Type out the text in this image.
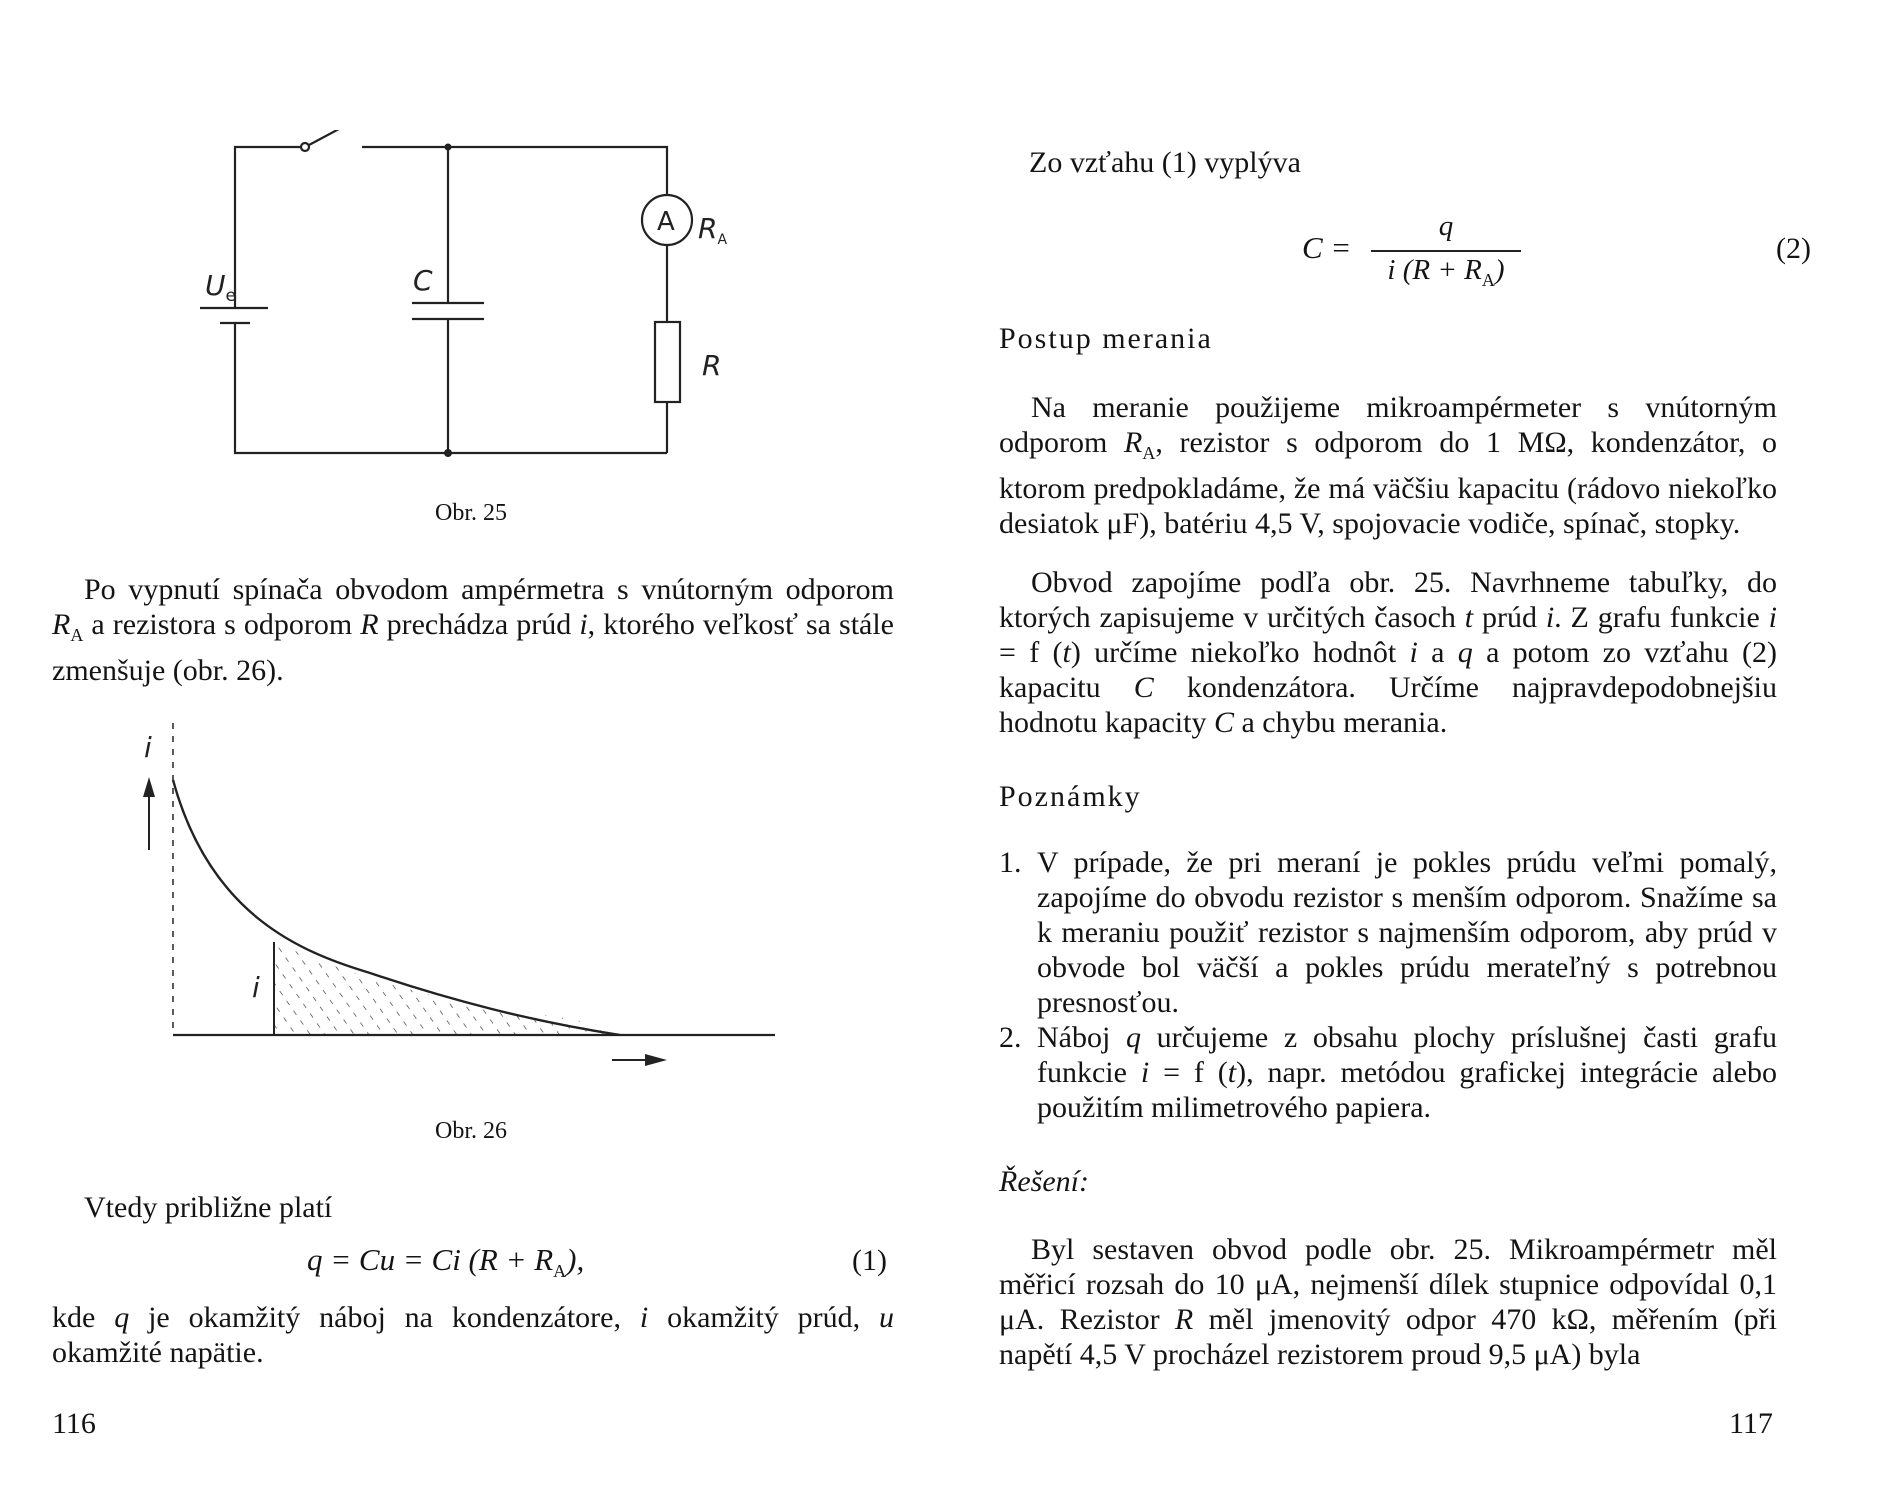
$U_e$	C
A $R_A$
R
Obr. 25

Po vypnutí spínača obvodom ampérmetra s vnútorným odporom $R_A$ a rezistora s odporom R prechádza prúd i, ktorého veľkosť sa stále zmenšuje (obr. 26).

i
i
Obr. 26

Vtedy približne platí

q = Cu = Ci $(R + R_A)$,	(1)

kde q je okamžitý náboj na kondenzátore, i okamžitý prúd, u okamžité napätie.

116

Zo vzťahu (1) vyplýva

C =
q
i $(R + R_A)$
(2)
Postup merania

Na meranie použijeme mikroampérmeter s vnútorným odporom $R_A$, rezistor s odporom do 1 MΩ, kondenzátor, o ktorom predpokladáme, že má väčšiu kapacitu (rádovo niekoľko desiatok μF), batériu 4,5 V, spojovacie vodiče, spínač, stopky.

Obvod zapojíme podľa obr. 25. Navrhneme tabuľky, do ktorých zapisujeme v určitých časoch t prúd i. Z grafu funkcie i = f (t) určíme niekoľko hodnôt i a q a potom zo vzťahu (2) kapacitu C kondenzátora. Určíme najpravdepodobnejšiu hodnotu kapacity C a chybu merania.

Poznámky
1. V prípade, že pri meraní je pokles prúdu veľmi pomalý, zapojíme do obvodu rezistor s menším odporom. Snažíme sa k meraniu použiť rezistor s najmenším odporom, aby prúd v obvode bol väčší a pokles prúdu merateľný s potrebnou presnosťou.

2. Náboj q určujeme z obsahu plochy príslušnej časti grafu funkcie i = f (t), napr. metódou grafickej integrácie alebo použitím milimetrového papiera.

Řešení:

Byl sestaven obvod podle obr. 25. Mikroampérmetr měl měřicí rozsah do 10 μA, nejmenší dílek stupnice odpovídal 0,1 μA. Rezistor R měl jmenovitý odpor 470 kΩ, měřením (při napětí 4,5 V procházel rezistorem proud 9,5 μA) byla

117
